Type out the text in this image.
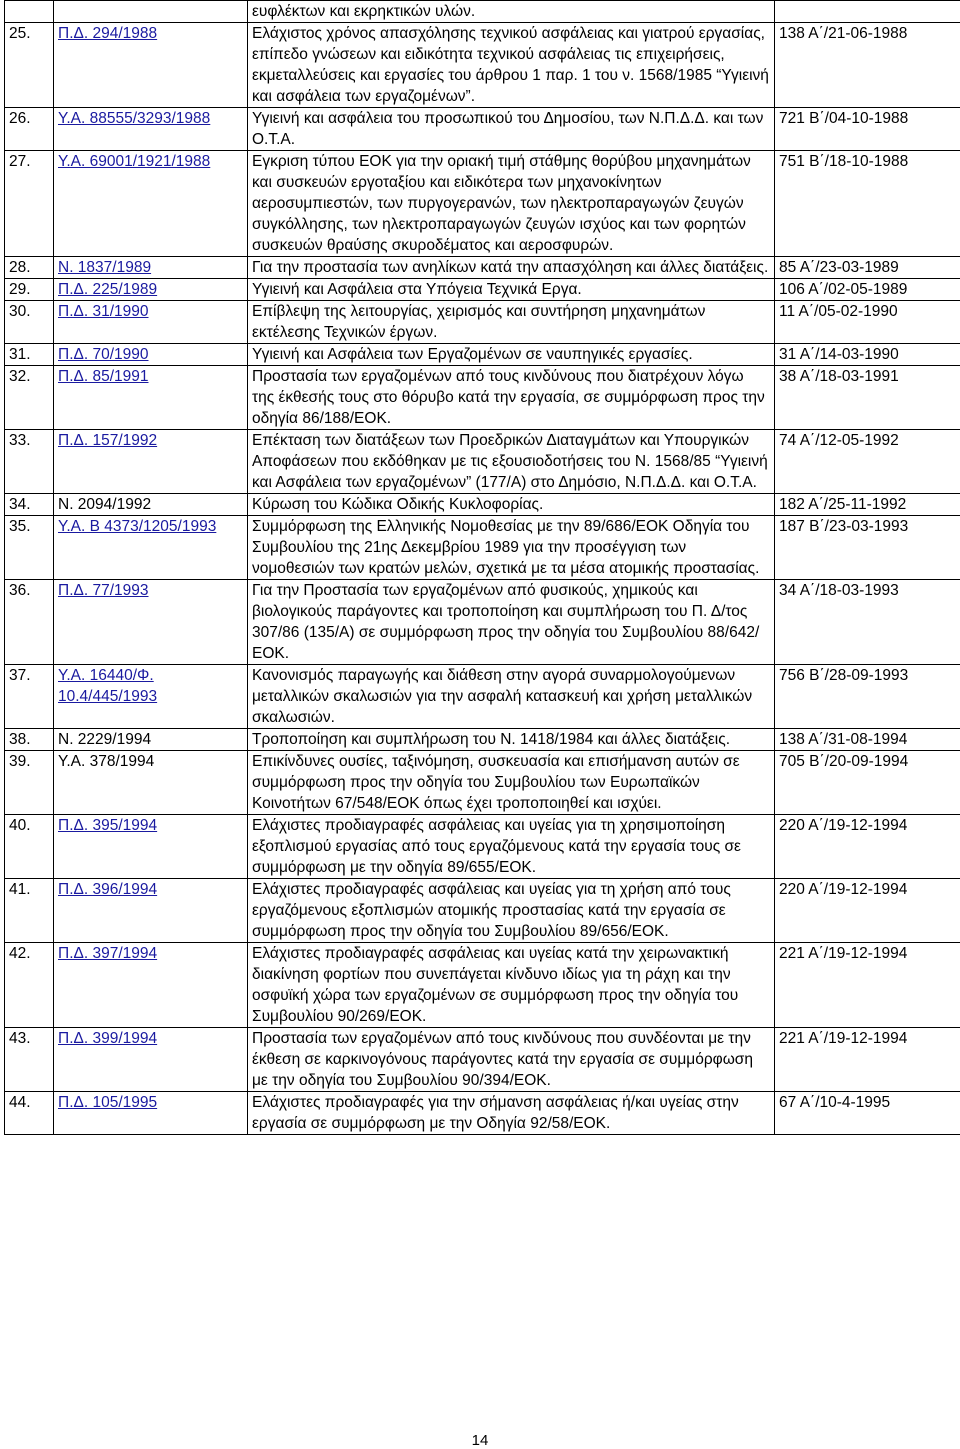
		ευφλέκτων και εκρηκτικών υλών.	
25.	Π.Δ. 294/1988	Ελάχιστος χρόνος απασχόλησης τεχνικού ασφάλειας και γιατρού εργασίας, επίπεδο γνώσεων και ειδικότητα τεχνικού ασφάλειας τις επιχειρήσεις, εκμεταλλεύσεις και εργασίες του άρθρου 1 παρ. 1 του ν. 1568/1985 “Υγιεινή και ασφάλεια των εργαζομένων”.	138 Α΄/21-06-1988
26.	Υ.Α. 88555/3293/1988	Υγιεινή και ασφάλεια του προσωπικού του Δημοσίου, των Ν.Π.Δ.Δ. και των Ο.Τ.Α.	721 Β΄/04-10-1988
27.	Υ.Α. 69001/1921/1988	Εγκριση τύπου ΕΟΚ για την οριακή τιμή στάθμης θορύβου μηχανημάτων και συσκευών εργοταξίου και ειδικότερα των μηχανοκίνητων αεροσυμπιεστών, των πυργογερανών, των ηλεκτροπαραγωγών ζευγών συγκόλλησης, των ηλεκτροπαραγωγών ζευγών ισχύος και των φορητών συσκευών θραύσης σκυροδέματος και αεροσφυρών.	751 Β΄/18-10-1988
28.	Ν. 1837/1989	Για την προστασία των ανηλίκων κατά την απασχόληση και άλλες διατάξεις.	85 Α΄/23-03-1989
29.	Π.Δ. 225/1989	Υγιεινή και Ασφάλεια στα Υπόγεια Τεχνικά Εργα.	106 Α΄/02-05-1989
30.	Π.Δ. 31/1990	Επίβλεψη της λειτουργίας, χειρισμός και συντήρηση μηχανημάτων εκτέλεσης Τεχνικών έργων.	11 Α΄/05-02-1990
31.	Π.Δ. 70/1990	Υγιεινή και Ασφάλεια των Εργαζομένων σε ναυπηγικές εργασίες.	31 Α΄/14-03-1990
32.	Π.Δ. 85/1991	Προστασία των εργαζομένων από τους κινδύνους που διατρέχουν λόγω της έκθεσής τους στο θόρυβο κατά την εργασία, σε συμμόρφωση προς την οδηγία 86/188/ΕΟΚ.	38 Α΄/18-03-1991
33.	Π.Δ. 157/1992	Επέκταση των διατάξεων των Προεδρικών Διαταγμάτων και Υπουργικών Αποφάσεων που εκδόθηκαν με τις εξουσιοδοτήσεις του Ν. 1568/85 “Υγιεινή και Ασφάλεια των εργαζομένων” (177/Α) στο Δημόσιο, Ν.Π.Δ.Δ. και Ο.Τ.Α.	74 Α΄/12-05-1992
34.	Ν. 2094/1992	Κύρωση του Κώδικα Οδικής Κυκλοφορίας.	182 Α΄/25-11-1992
35.	Υ.Α. Β 4373/1205/1993	Συμμόρφωση της Ελληνικής Νομοθεσίας με την 89/686/ΕΟΚ Οδηγία του Συμβουλίου της 21ης Δεκεμβρίου 1989 για την προσέγγιση των νομοθεσιών των κρατών μελών, σχετικά με τα μέσα ατομικής προστασίας.	187 Β΄/23-03-1993
36.	Π.Δ. 77/1993	Για την Προστασία των εργαζομένων από φυσικούς, χημικούς και βιολογικούς παράγοντες και τροποποίηση και συμπλήρωση του Π. Δ/τος 307/86 (135/Α) σε συμμόρφωση προς την οδηγία του Συμβουλίου 88/642/ΕΟΚ.	34 Α΄/18-03-1993
37.	Υ.Α. 16440/Φ.
10.4/445/1993	Κανονισμός παραγωγής και διάθεση στην αγορά συναρμολογούμενων μεταλλικών σκαλωσιών για την ασφαλή κατασκευή και χρήση μεταλλικών σκαλωσιών.	756 Β΄/28-09-1993
38.	Ν. 2229/1994	Τροποποίηση και συμπλήρωση του Ν. 1418/1984 και άλλες διατάξεις.	138 Α΄/31-08-1994
39.	Υ.Α. 378/1994	Επικίνδυνες ουσίες, ταξινόμηση, συσκευασία και επισήμανση αυτών σε συμμόρφωση προς την οδηγία του Συμβουλίου των Ευρωπαϊκών Κοινοτήτων 67/548/ΕΟΚ όπως έχει τροποποιηθεί και ισχύει.	705 Β΄/20-09-1994
40.	Π.Δ. 395/1994	Ελάχιστες προδιαγραφές ασφάλειας και υγείας για τη χρησιμοποίηση εξοπλισμού εργασίας από τους εργαζόμενους κατά την εργασία τους σε συμμόρφωση με την οδηγία 89/655/ΕΟΚ.	220 Α΄/19-12-1994
41.	Π.Δ. 396/1994	Ελάχιστες προδιαγραφές ασφάλειας και υγείας για τη χρήση από τους εργαζόμενους εξοπλισμών ατομικής προστασίας κατά την εργασία σε συμμόρφωση προς την οδηγία του Συμβουλίου 89/656/ΕΟΚ.	220 Α΄/19-12-1994
42.	Π.Δ. 397/1994	Ελάχιστες προδιαγραφές ασφάλειας και υγείας κατά την χειρωνακτική διακίνηση φορτίων που συνεπάγεται κίνδυνο ιδίως για τη ράχη και την οσφυϊκή χώρα των εργαζομένων σε συμμόρφωση προς την οδηγία του Συμβουλίου 90/269/ΕΟΚ.	221 Α΄/19-12-1994
43.	Π.Δ. 399/1994	Προστασία των εργαζομένων από τους κινδύνους που συνδέονται με την έκθεση σε καρκινογόνους παράγοντες κατά την εργασία σε συμμόρφωση με την οδηγία του Συμβουλίου 90/394/ΕΟΚ.	221 Α΄/19-12-1994
44.	Π.Δ. 105/1995	Ελάχιστες προδιαγραφές για την σήμανση ασφάλειας ή/και υγείας στην εργασία σε συμμόρφωση με την Οδηγία 92/58/ΕΟΚ.	67 Α΄/10-4-1995
14
